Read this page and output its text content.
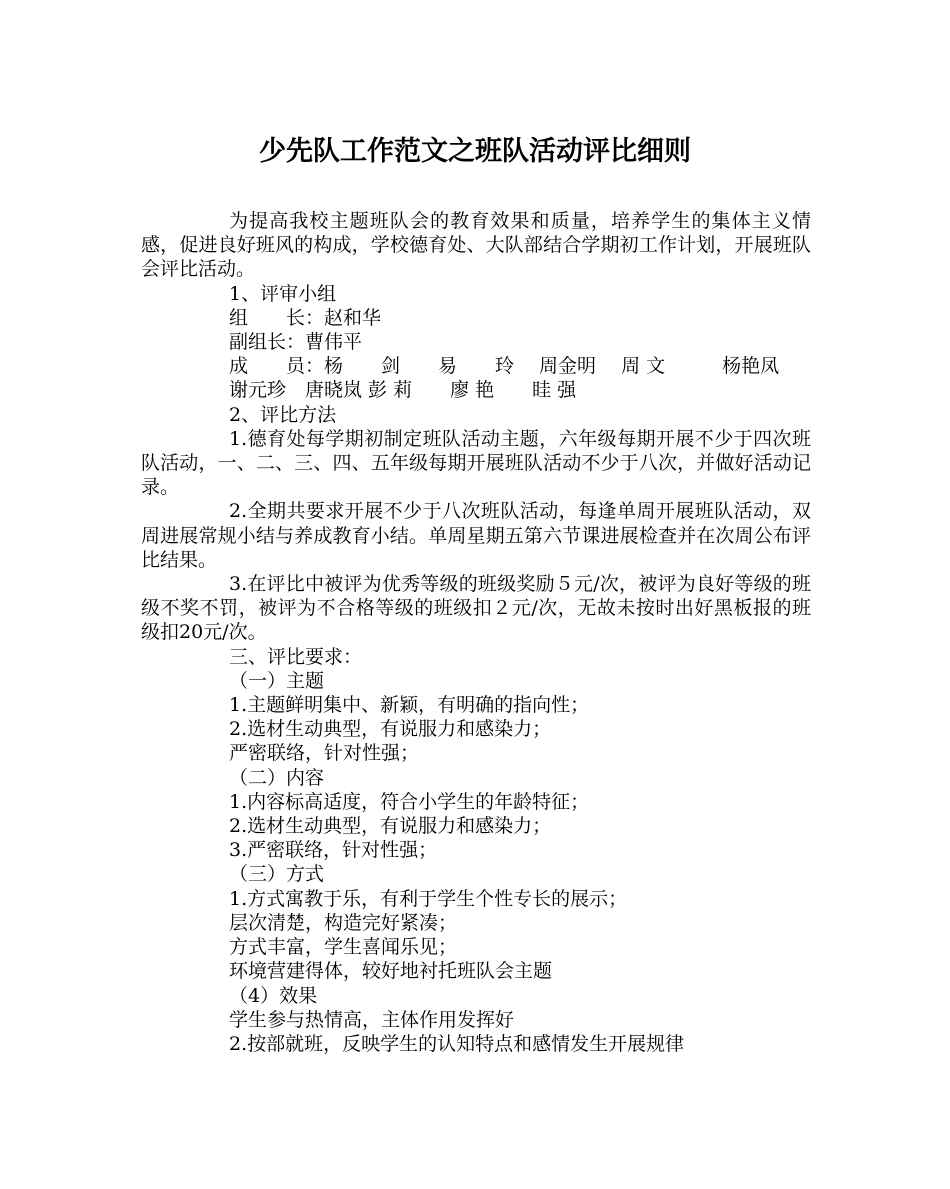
少先队工作范文之班队活动评比细则

为提高我校主题班队会的教育效果和质量，培养学生的集体主义情感，促进良好班风的构成，学校德育处、大队部结合学期初工作计划，开展班队会评比活动。

1、评审小组

组　　长：赵和华

副组长：曹伟平

成　　员：杨　　剑　　易　　玲　 周金明　 周 文　　　杨艳凤

谢元珍　唐晓岚 彭 莉　　廖 艳　　眭 强

2、评比方法

1.德育处每学期初制定班队活动主题，六年级每期开展不少于四次班队活动，一、二、三、四、五年级每期开展班队活动不少于八次，并做好活动记录。

2.全期共要求开展不少于八次班队活动，每逢单周开展班队活动，双周进展常规小结与养成教育小结。单周星期五第六节课进展检查并在次周公布评比结果。

3.在评比中被评为优秀等级的班级奖励５元/次，被评为良好等级的班级不奖不罚，被评为不合格等级的班级扣２元/次，无故未按时出好黑板报的班级扣20元/次。

三、评比要求：

（一）主题

1.主题鲜明集中、新颖，有明确的指向性；

2.选材生动典型，有说服力和感染力；

严密联络，针对性强；

（二）内容

1.内容标高适度，符合小学生的年龄特征；

2.选材生动典型，有说服力和感染力；

3.严密联络，针对性强；

（三）方式

1.方式寓教于乐，有利于学生个性专长的展示；

层次清楚，构造完好紧凑；

方式丰富，学生喜闻乐见；

环境营建得体，较好地衬托班队会主题

（4）效果

学生参与热情高，主体作用发挥好

2.按部就班，反映学生的认知特点和感情发生开展规律
